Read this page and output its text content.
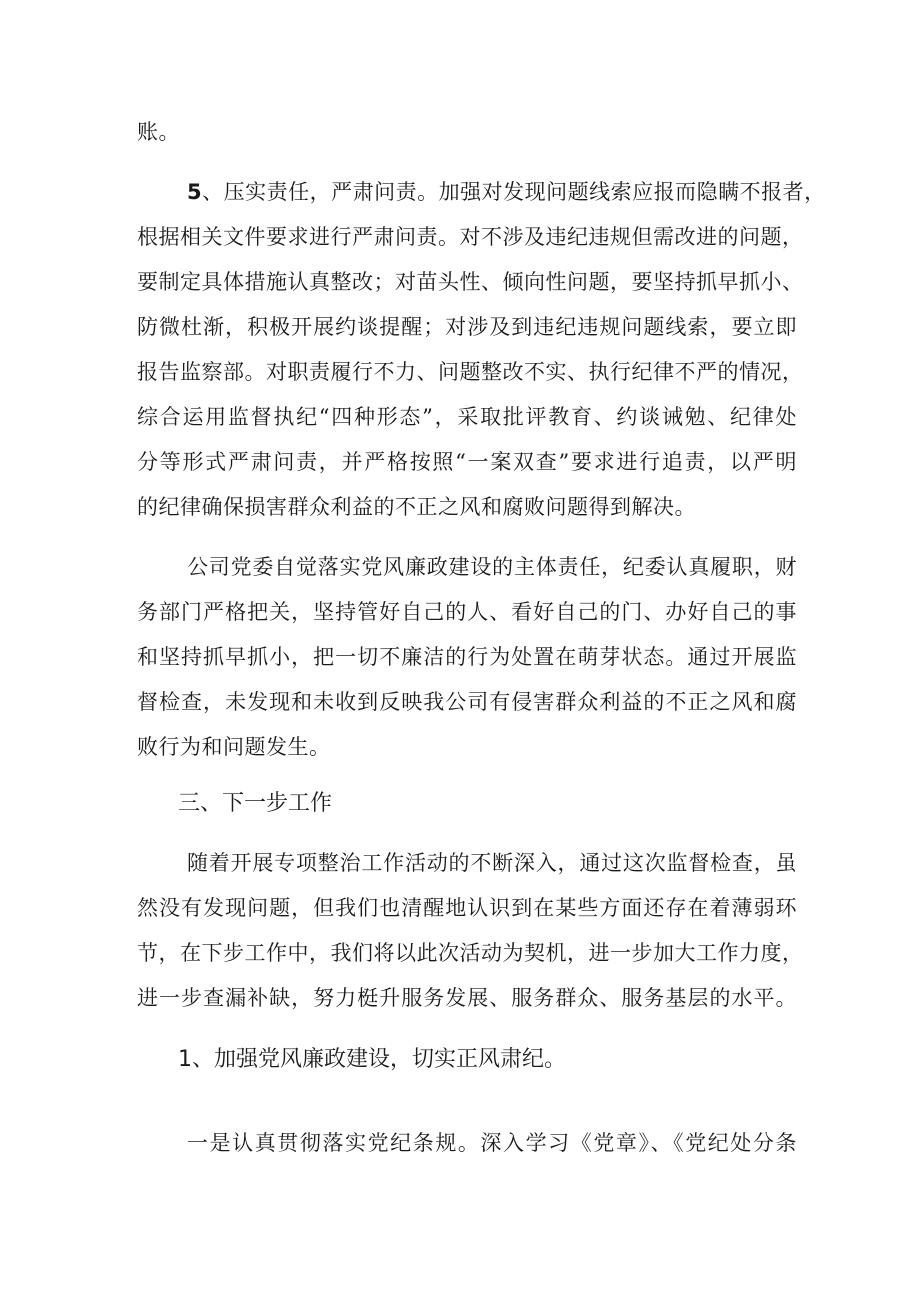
账。
5、压实责任，严肃问责。加强对发现问题线索应报而隐瞒不报者，
根据相关文件要求进行严肃问责。对不涉及违纪违规但需改进的问题，
要制定具体措施认真整改；对苗头性、倾向性问题，要坚持抓早抓小、
防微杜渐，积极开展约谈提醒；对涉及到违纪违规问题线索，要立即
报告监察部。对职责履行不力、问题整改不实、执行纪律不严的情况，
综合运用监督执纪“四种形态”，采取批评教育、约谈诫勉、纪律处
分等形式严肃问责，并严格按照“一案双查”要求进行追责，以严明
的纪律确保损害群众利益的不正之风和腐败问题得到解决。
公司党委自觉落实党风廉政建设的主体责任，纪委认真履职，财
务部门严格把关，坚持管好自己的人、看好自己的门、办好自己的事
和坚持抓早抓小，把一切不廉洁的行为处置在萌芽状态。通过开展监
督检查，未发现和未收到反映我公司有侵害群众利益的不正之风和腐
败行为和问题发生。
三、下一步工作
随着开展专项整治工作活动的不断深入，通过这次监督检查，虽
然没有发现问题，但我们也清醒地认识到在某些方面还存在着薄弱环
节，在下步工作中，我们将以此次活动为契机，进一步加大工作力度，
进一步查漏补缺，努力梃升服务发展、服务群众、服务基层的水平。
1、加强党风廉政建设，切实正风肃纪。
一是认真贯彻落实党纪条规。深入学习《党章》、《党纪处分条
